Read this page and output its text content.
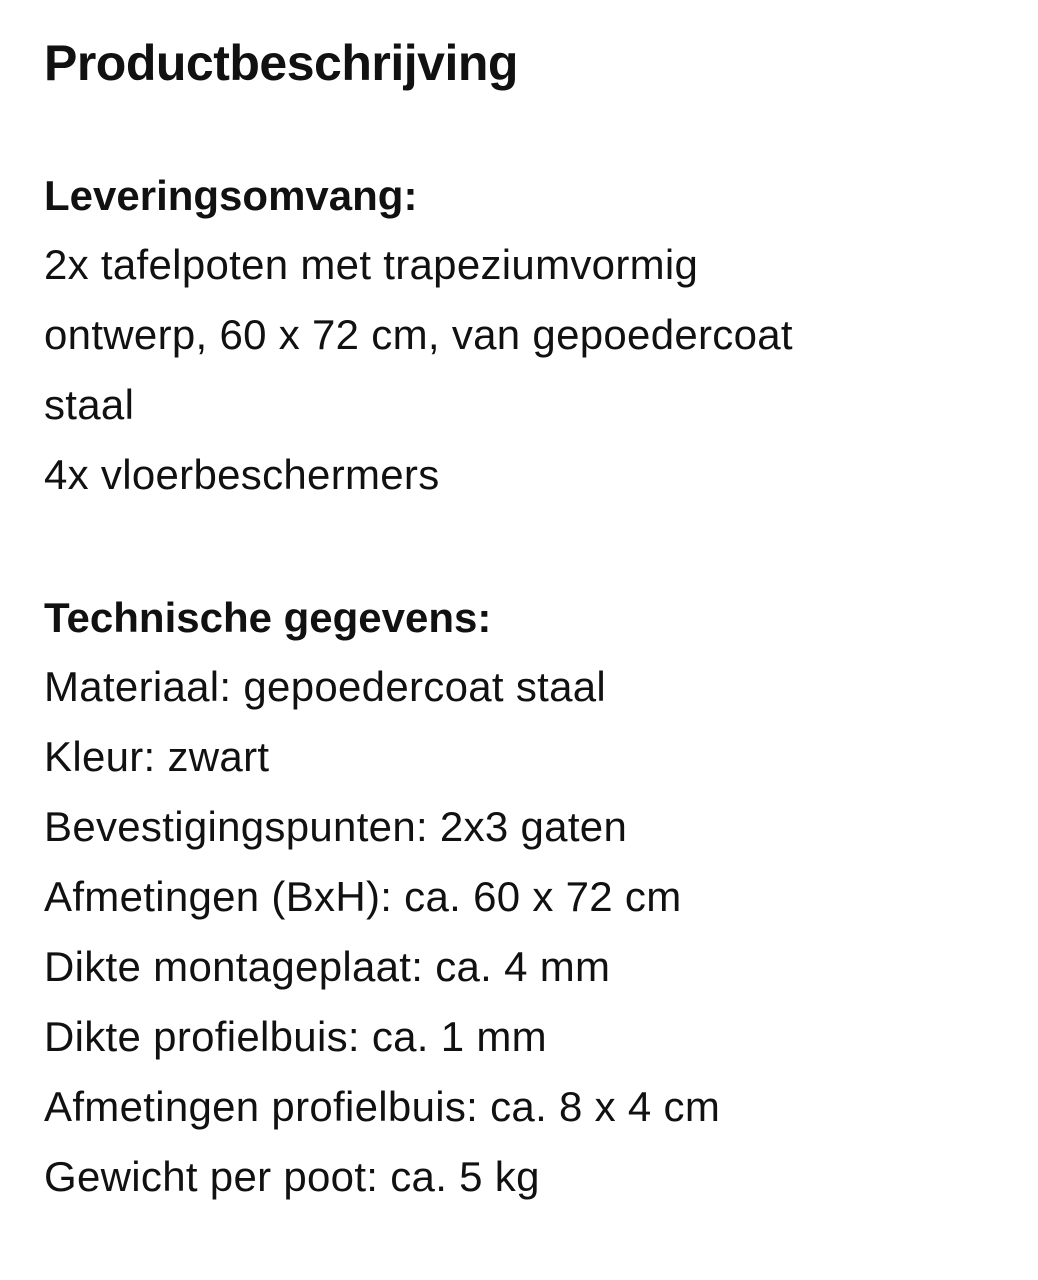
Productbeschrijving
Leveringsomvang:

2x tafelpoten met trapeziumvormig

ontwerp, 60 x 72 cm, van gepoedercoat

staal

4x vloerbeschermers

Technische gegevens:

Materiaal: gepoedercoat staal

Kleur: zwart

Bevestigingspunten: 2x3 gaten

Afmetingen (BxH): ca. 60 x 72 cm

Dikte montageplaat: ca. 4 mm

Dikte profielbuis: ca. 1 mm

Afmetingen profielbuis: ca. 8 x 4 cm

Gewicht per poot: ca. 5 kg
